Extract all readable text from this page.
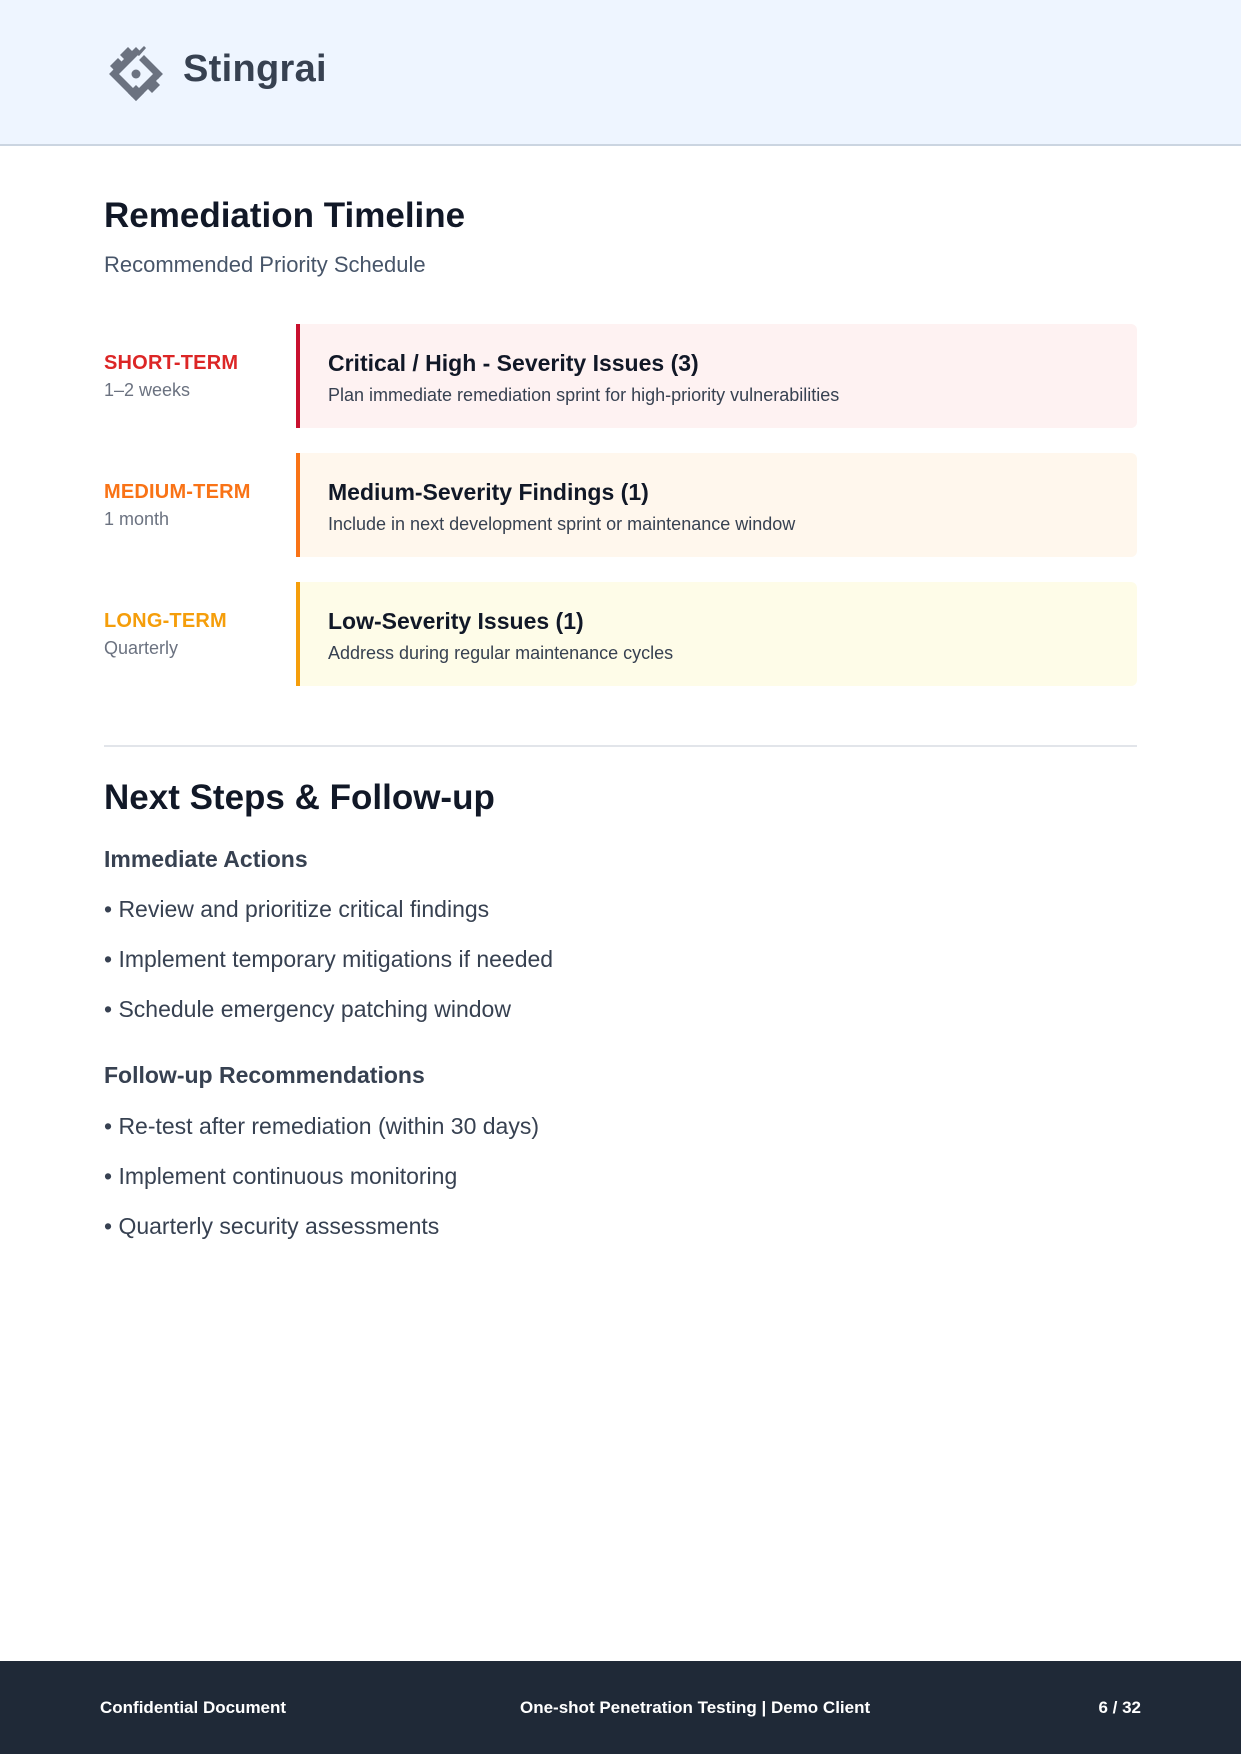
Stingrai
Remediation Timeline
Recommended Priority Schedule
SHORT-TERM
1–2 weeks
Critical / High - Severity Issues (3)
Plan immediate remediation sprint for high-priority vulnerabilities
MEDIUM-TERM
1 month
Medium-Severity Findings (1)
Include in next development sprint or maintenance window
LONG-TERM
Quarterly
Low-Severity Issues (1)
Address during regular maintenance cycles
Next Steps & Follow-up
Immediate Actions
• Review and prioritize critical findings
• Implement temporary mitigations if needed
• Schedule emergency patching window
Follow-up Recommendations
• Re-test after remediation (within 30 days)
• Implement continuous monitoring
• Quarterly security assessments
Confidential Document	One-shot Penetration Testing | Demo Client	6 / 32
